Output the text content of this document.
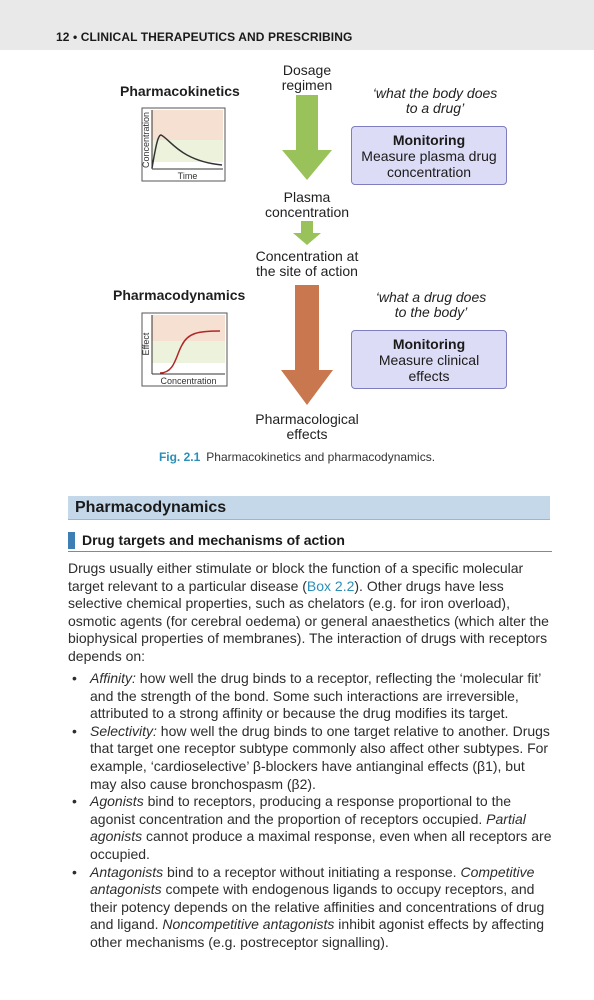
12 • CLINICAL THERAPEUTICS AND PRESCRIBING
Dosage
regimen
Pharmacokinetics	‘what the body does
to a drug’
Concentration
Time
Monitoring
Measure plasma drug
concentration
Plasma
concentration
Concentration at
the site of action
Pharmacodynamics	‘what a drug does
to the body’
Effect
Concentration
Monitoring
Measure clinical
effects
Pharmacological
effects
Fig. 2.1 Pharmacokinetics and pharmacodynamics.
Pharmacodynamics
Drug targets and mechanisms of action
Drugs usually either stimulate or block the function of a specific molecular target relevant to a particular disease (Box 2.2). Other drugs have less selective chemical properties, such as chelators (e.g. for iron overload), osmotic agents (for cerebral oedema) or general anaesthetics (which alter the biophysical properties of membranes). The interaction of drugs with receptors depends on:
• Affinity: how well the drug binds to a receptor, reflecting the ‘molecular fit’ and the strength of the bond. Some such interactions are irreversible, attributed to a strong affinity or because the drug modifies its target.
• Selectivity: how well the drug binds to one target relative to another. Drugs that target one receptor subtype commonly also affect other subtypes. For example, ‘cardioselective’ β-blockers have antianginal effects (β1), but may also cause bronchospasm (β2).
• Agonists bind to receptors, producing a response proportional to the agonist concentration and the proportion of receptors occupied. Partial agonists cannot produce a maximal response, even when all receptors are occupied.
• Antagonists bind to a receptor without initiating a response. Competitive antagonists compete with endogenous ligands to occupy receptors, and their potency depends on the relative affinities and concentrations of drug and ligand. Noncompetitive antagonists inhibit agonist effects by affecting other mechanisms (e.g. postreceptor signalling).
